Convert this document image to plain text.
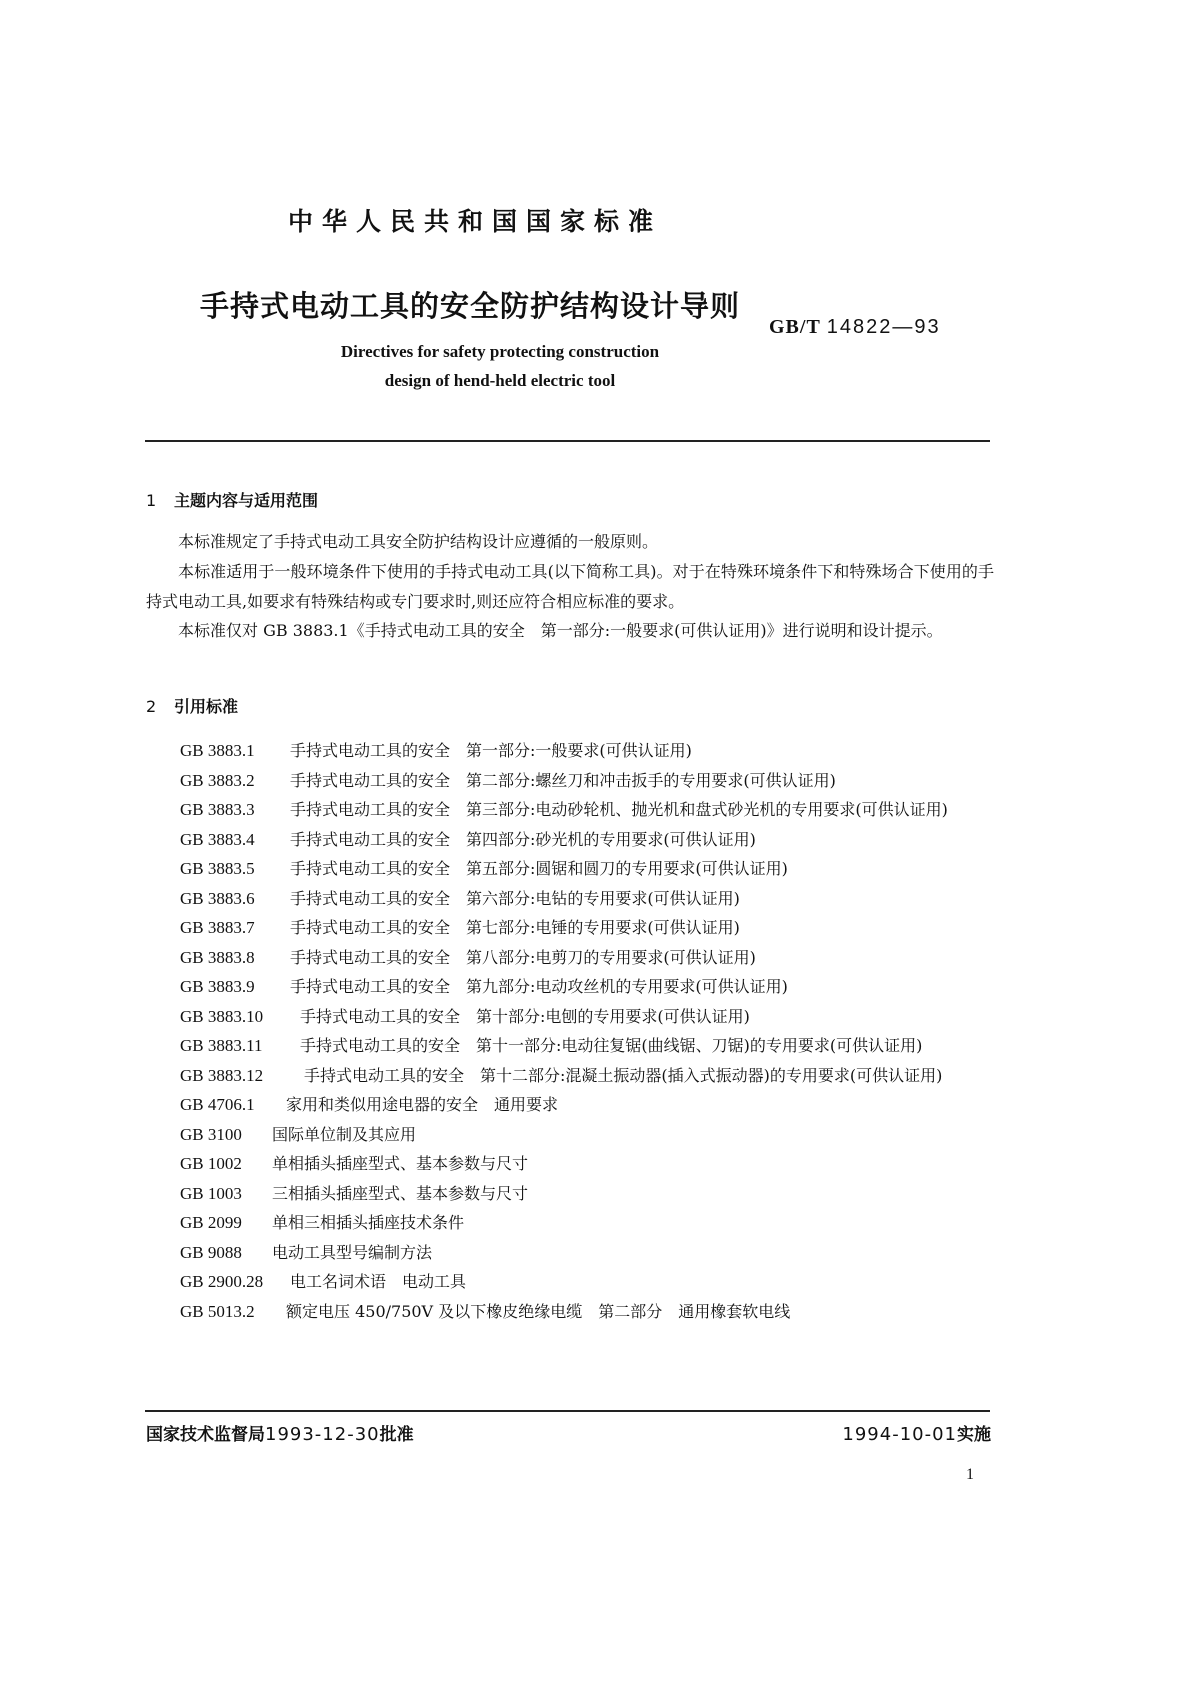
中华人民共和国国家标准
手持式电动工具的安全防护结构设计导则
GB/T 14822—93
Directives for safety protecting construction
design of hend-held electric tool
1 主题内容与适用范围
本标准规定了手持式电动工具安全防护结构设计应遵循的一般原则。
本标准适用于一般环境条件下使用的手持式电动工具(以下简称工具)。对于在特殊环境条件下和特殊场合下使用的手持式电动工具,如要求有特殊结构或专门要求时,则还应符合相应标准的要求。
本标准仅对 GB 3883.1《手持式电动工具的安全　第一部分:一般要求(可供认证用)》进行说明和设计提示。
2 引用标准
GB 3883.1	手持式电动工具的安全　第一部分:一般要求(可供认证用)
GB 3883.2	手持式电动工具的安全　第二部分:螺丝刀和冲击扳手的专用要求(可供认证用)
GB 3883.3	手持式电动工具的安全　第三部分:电动砂轮机、抛光机和盘式砂光机的专用要求(可供认证用)
GB 3883.4	手持式电动工具的安全　第四部分:砂光机的专用要求(可供认证用)
GB 3883.5	手持式电动工具的安全　第五部分:圆锯和圆刀的专用要求(可供认证用)
GB 3883.6	手持式电动工具的安全　第六部分:电钻的专用要求(可供认证用)
GB 3883.7	手持式电动工具的安全　第七部分:电锤的专用要求(可供认证用)
GB 3883.8	手持式电动工具的安全　第八部分:电剪刀的专用要求(可供认证用)
GB 3883.9	手持式电动工具的安全　第九部分:电动攻丝机的专用要求(可供认证用)
GB 3883.10	手持式电动工具的安全　第十部分:电刨的专用要求(可供认证用)
GB 3883.11	手持式电动工具的安全　第十一部分:电动往复锯(曲线锯、刀锯)的专用要求(可供认证用)
GB 3883.12	手持式电动工具的安全　第十二部分:混凝土振动器(插入式振动器)的专用要求(可供认证用)
GB 4706.1	家用和类似用途电器的安全　通用要求
GB 3100	国际单位制及其应用
GB 1002	单相插头插座型式、基本参数与尺寸
GB 1003	三相插头插座型式、基本参数与尺寸
GB 2099	单相三相插头插座技术条件
GB 9088	电动工具型号编制方法
GB 2900.28	电工名词术语　电动工具
GB 5013.2	额定电压 450/750V 及以下橡皮绝缘电缆　第二部分　通用橡套软电线
国家技术监督局1993-12-30批准	1994-10-01实施
1
